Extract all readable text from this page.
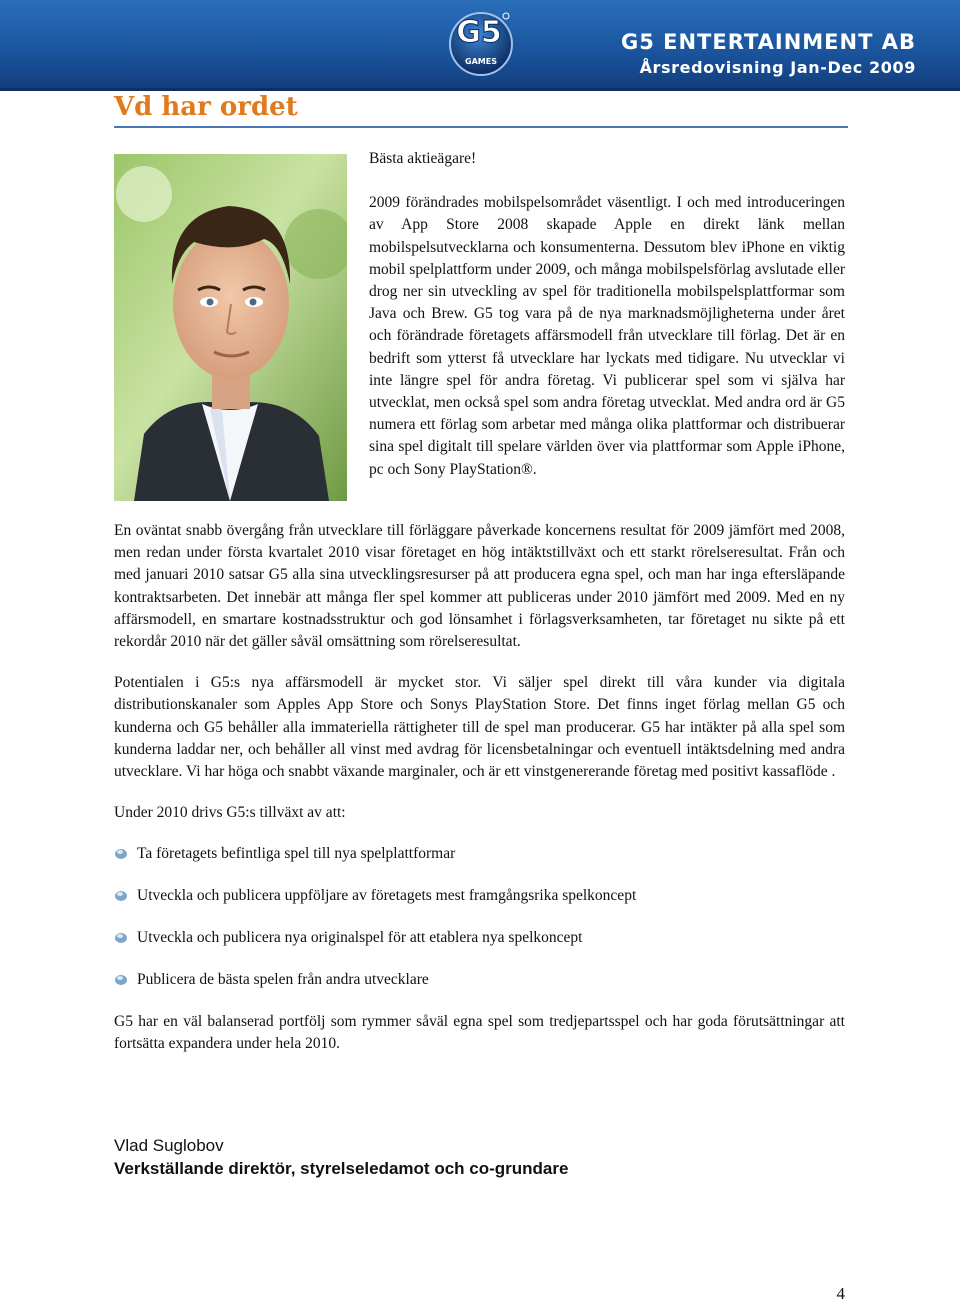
G5
GAMES
G5 ENTERTAINMENT AB
Årsredovisning Jan-Dec 2009
Vd har ordet

Bästa aktieägare!

2009 förändrades mobilspelsområdet väsentligt. I och med introduceringen av App Store 2008 skapade Apple en direkt länk mellan mobilspelsutvecklarna och konsumenterna. Dessutom blev iPhone en viktig mobil spelplattform under 2009, och många mobilspelsförlag avslutade eller drog ner sin utveckling av spel för traditionella mobilspelsplattformar som Java och Brew. G5 tog vara på de nya marknadsmöjligheterna under året och förändrade företagets affärsmodell från utvecklare till förlag. Det är en bedrift som ytterst få utvecklare har lyckats med tidigare. Nu utvecklar vi inte längre spel för andra företag. Vi publicerar spel som vi själva har utvecklat, men också spel som andra företag utvecklat. Med andra ord är G5 numera ett förlag som arbetar med många olika plattformar och distribuerar sina spel digitalt till spelare världen över via plattformar som Apple iPhone, pc och Sony PlayStation®.

En oväntat snabb övergång från utvecklare till förläggare påverkade koncernens resultat för 2009 jämfört med 2008, men redan under första kvartalet 2010 visar företaget en hög intäktstillväxt och ett starkt rörelseresultat. Från och med januari 2010 satsar G5 alla sina utvecklingsresurser på att producera egna spel, och man har inga eftersläpande kontraktsarbeten. Det innebär att många fler spel kommer att publiceras under 2010 jämfört med 2009. Med en ny affärsmodell, en smartare kostnadsstruktur och god lönsamhet i förlagsverksamheten, tar företaget nu sikte på ett rekordår 2010 när det gäller såväl omsättning som rörelseresultat.

Potentialen i G5:s nya affärsmodell är mycket stor. Vi säljer spel direkt till våra kunder via digitala distributionskanaler som Apples App Store och Sonys PlayStation Store. Det finns inget förlag mellan G5 och kunderna och G5 behåller alla immateriella rättigheter till de spel man producerar. G5 har intäkter på alla spel som kunderna laddar ner, och behåller all vinst med avdrag för licensbetalningar och eventuell intäktsdelning med andra utvecklare. Vi har höga och snabbt växande marginaler, och är ett vinstgenererande företag med positivt kassaflöde .

Under 2010 drivs G5:s tillväxt av att:

Ta företagets befintliga spel till nya spelplattformar
Utveckla och publicera uppföljare av företagets mest framgångsrika spelkoncept
Utveckla och publicera nya originalspel för att etablera nya spelkoncept
Publicera de bästa spelen från andra utvecklare

G5 har en väl balanserad portfölj som rymmer såväl egna spel som tredjepartsspel och har goda förutsättningar att fortsätta expandera under hela 2010.

Vlad Suglobov
Verkställande direktör, styrelseledamot och co-grundare
4
